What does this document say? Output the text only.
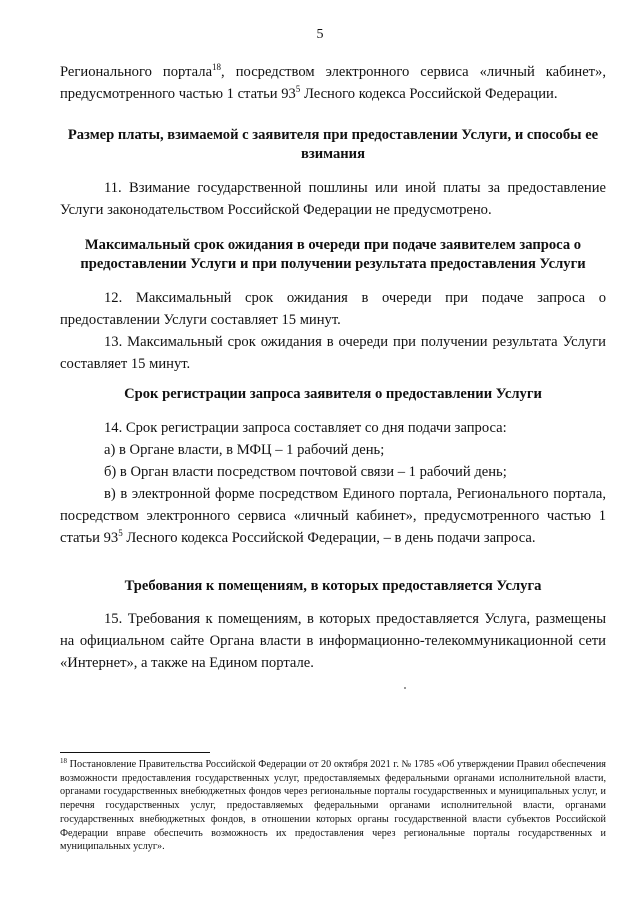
5

Регионального портала$^{18}$, посредством электронного сервиса «личный кабинет», предусмотренного частью 1 статьи $93^5$ Лесного кодекса Российской Федерации.

Размер платы, взимаемой с заявителя при предоставлении Услуги, и способы ее взимания

11. Взимание государственной пошлины или иной платы за предоставление Услуги законодательством Российской Федерации не предусмотрено.

Максимальный срок ожидания в очереди при подаче заявителем запроса о предоставлении Услуги и при получении результата предоставления Услуги

12. Максимальный срок ожидания в очереди при подаче запроса о предоставлении Услуги составляет 15 минут.

13. Максимальный срок ожидания в очереди при получении результата Услуги составляет 15 минут.

Срок регистрации запроса заявителя о предоставлении Услуги

14. Срок регистрации запроса составляет со дня подачи запроса:

а) в Органе власти, в МФЦ – 1 рабочий день;

б) в Орган власти посредством почтовой связи – 1 рабочий день;

в) в электронной форме посредством Единого портала, Регионального портала, посредством электронного сервиса «личный кабинет», предусмотренного частью 1 статьи $93^5$ Лесного кодекса Российской Федерации, – в день подачи запроса.

Требования к помещениям, в которых предоставляется Услуга

15. Требования к помещениям, в которых предоставляется Услуга, размещены на официальном сайте Органа власти в информационно-телекоммуникационной сети «Интернет», а также на Едином портале.

$^{18}$ Постановление Правительства Российской Федерации от 20 октября 2021 г. № 1785 «Об утверждении Правил обеспечения возможности предоставления государственных услуг, предоставляемых федеральными органами исполнительной власти, органами государственных внебюджетных фондов через региональные порталы государственных и муниципальных услуг, и перечня государственных услуг, предоставляемых федеральными органами исполнительной власти, органами государственных внебюджетных фондов, в отношении которых органы государственной власти субъектов Российской Федерации вправе обеспечить возможность их предоставления через региональные порталы государственных и муниципальных услуг».
